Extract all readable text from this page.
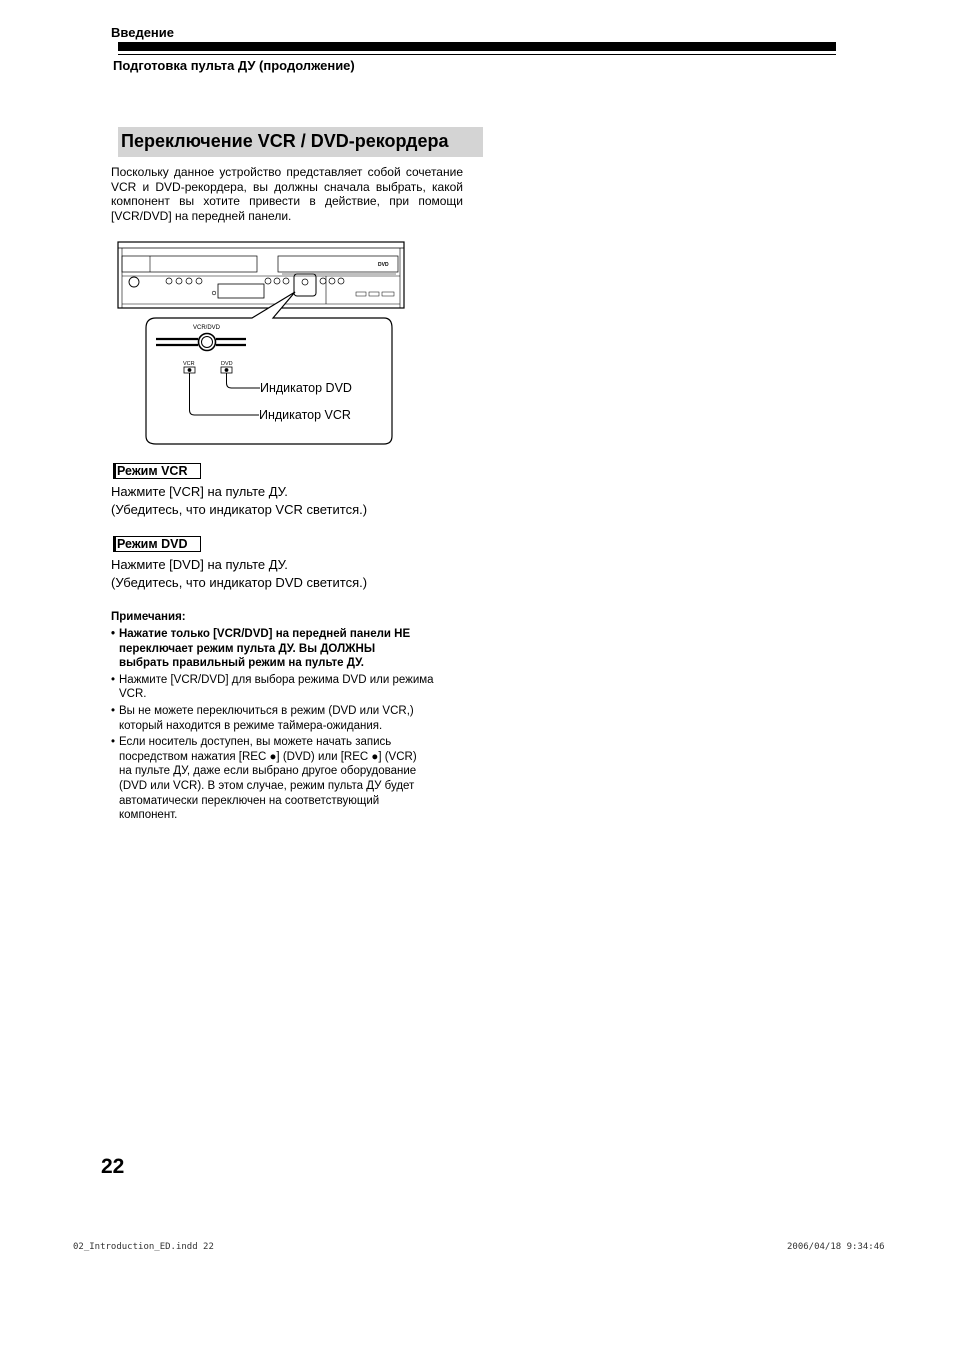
Введение
Подготовка пульта ДУ (продолжение)
Переключение VCR / DVD-рекордера
Поскольку данное устройство представляет собой сочетание VCR и DVD-рекордера, вы должны сначала выбрать, какой компонент вы хотите привести в действие, при помощи [VCR/DVD] на передней панели.
DVD
VCR/DVD
VCR	DVD
Индикатор DVD
Индикатор VCR
Режим VCR
Нажмите [VCR] на пульте ДУ.
(Убедитесь, что индикатор VCR светится.)
Режим DVD
Нажмите [DVD] на пульте ДУ.
(Убедитесь, что индикатор DVD светится.)
Примечания:
• Нажатие только [VCR/DVD] на передней панели НЕ
переключает режим пульта ДУ. Вы ДОЛЖНЫ
выбрать правильный режим на пульте ДУ.
• Нажмите [VCR/DVD] для выбора режима DVD или режима
VCR.
• Вы не можете переключиться в режим (DVD или VCR,)
который находится в режиме таймера-ожидания.
• Если носитель доступен, вы можете начать запись
посредством нажатия [REC ●] (DVD) или [REC ●] (VCR)
на пульте ДУ, даже если выбрано другое оборудование
(DVD или VCR). В этом случае, режим пульта ДУ будет
автоматически переключен на соответствующий
компонент.
22
02_Introduction_ED.indd 22	2006/04/18 9:34:46
